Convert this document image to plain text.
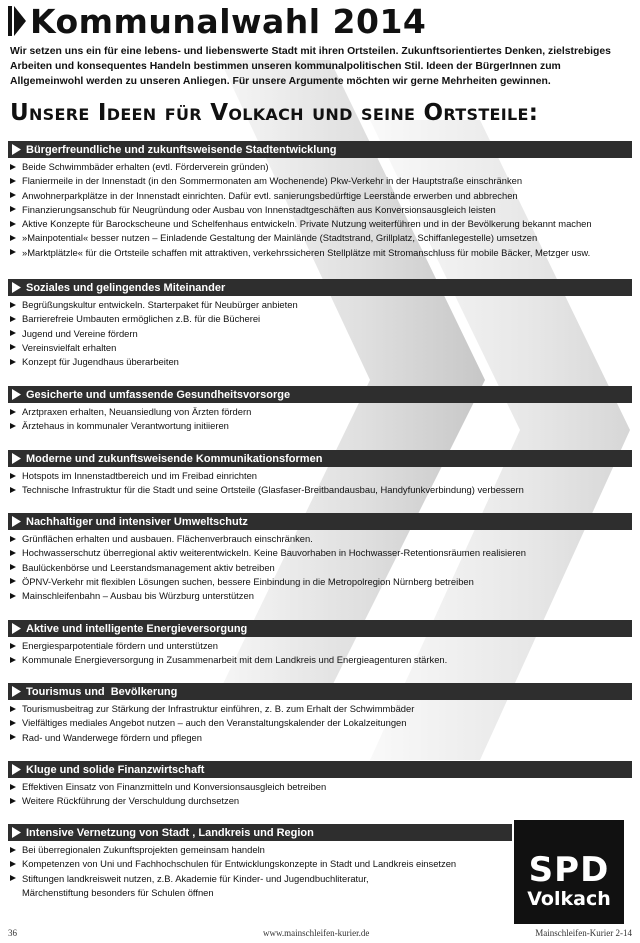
Kommunalwahl 2014

Wir setzen uns ein für eine lebens- und liebenswerte Stadt mit ihren Ortsteilen. Zukunftsorientiertes Denken, zielstrebiges Arbeiten und konsequentes Handeln bestimmen unseren kommunalpolitischen Stil. Ideen der BürgerInnen zum Allgemeinwohl werden zu unseren Anliegen. Für unsere Argumente möchten wir gerne Mehrheiten gewinnen.

Unsere Ideen für Volkach und seine Ortsteile:
Bürgerfreundliche und zukunftsweisende Stadtentwicklung
Beide Schwimmbäder erhalten (evtl. Förderverein gründen)
Flaniermeile in der Innenstadt (in den Sommermonaten am Wochenende) Pkw-Verkehr in der Hauptstraße einschränken
Anwohnerparkplätze in der Innenstadt einrichten. Dafür evtl. sanierungsbedürftige Leerstände erwerben und abbrechen
Finanzierungsanschub für Neugründung oder Ausbau von Innenstadtgeschäften aus Konversionsausgleich leisten
Aktive Konzepte für Barockscheune und Schelfenhaus entwickeln. Private Nutzung weiterführen und in der Bevölkerung bekannt machen
»Mainpotential« besser nutzen – Einladende Gestaltung der Mainlände (Stadtstrand, Grillplatz, Schiffanlegestelle) umsetzen
»Marktplätzle« für die Ortsteile schaffen mit attraktiven, verkehrssicheren Stellplätze mit Stromanschluss für mobile Bäcker, Metzger usw.
Soziales und gelingendes Miteinander
Begrüßungskultur entwickeln. Starterpaket für Neubürger anbieten
Barrierefreie Umbauten ermöglichen z.B. für die Bücherei
Jugend und Vereine fördern
Vereinsvielfalt erhalten
Konzept für Jugendhaus überarbeiten
Gesicherte und umfassende Gesundheitsvorsorge
Arztpraxen erhalten, Neuansiedlung von Ärzten fördern
Ärztehaus in kommunaler Verantwortung initiieren
Moderne und zukunftsweisende Kommunikationsformen
Hotspots im Innenstadtbereich und im Freibad einrichten
Technische Infrastruktur für die Stadt und seine Ortsteile (Glasfaser-Breitbandausbau, Handyfunkverbindung) verbessern
Nachhaltiger und intensiver Umweltschutz
Grünflächen erhalten und ausbauen. Flächenverbrauch einschränken.
Hochwasserschutz überregional aktiv weiterentwickeln. Keine Bauvorhaben in Hochwasser-Retentionsräumen realisieren
Baulückenbörse und Leerstandsmanagement aktiv betreiben
ÖPNV-Verkehr mit flexiblen Lösungen suchen, bessere Einbindung in die Metropolregion Nürnberg betreiben
Mainschleifenbahn – Ausbau bis Würzburg unterstützen
Aktive und intelligente Energieversorgung
Energiesparpotentiale fördern und unterstützen
Kommunale Energieversorgung in Zusammenarbeit mit dem Landkreis und Energieagenturen stärken.
Tourismus und  Bevölkerung
Tourismusbeitrag zur Stärkung der Infrastruktur einführen, z. B. zum Erhalt der Schwimmbäder
Vielfältiges mediales Angebot nutzen – auch den Veranstaltungskalender der Lokalzeitungen
Rad- und Wanderwege fördern und pflegen
Kluge und solide Finanzwirtschaft
Effektiven Einsatz von Finanzmitteln und Konversionsausgleich betreiben
Weitere Rückführung der Verschuldung durchsetzen
Intensive Vernetzung von Stadt , Landkreis und Region
Bei überregionalen Zukunftsprojekten gemeinsam handeln
Kompetenzen von Uni und Fachhochschulen für Entwicklungskonzepte in Stadt und Landkreis einsetzen
Stiftungen landkreisweit nutzen, z.B. Akademie für Kinder- und Jugendbuchliteratur,
Märchenstiftung besonders für Schulen öffnen
SPD
Volkach
36	www.mainschleifen-kurier.de	Mainschleifen-Kurier 2-14
